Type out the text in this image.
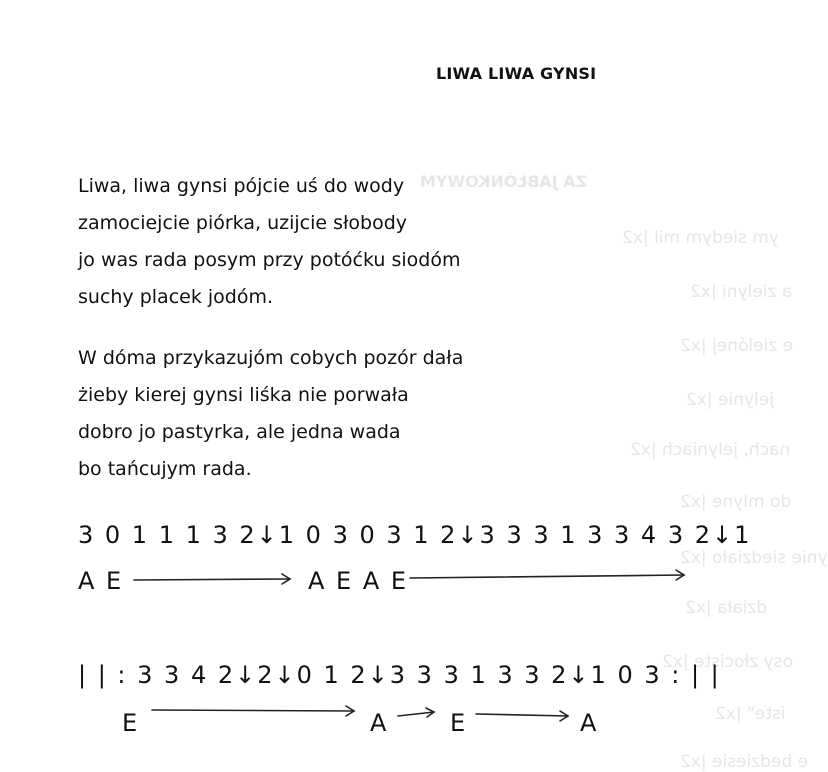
ZA JABŁÓNKOWYM
ym siedym mil |x2
a zielyni |x2
e zielónej |x2
jelynie |x2
nach, jelyniach |x2
do mlyne |x2
ynie siedziało |x2
działa |x2
osy złociste |x2
iste" |x2
e bedziesie |x2
LIWA LIWA GYNSI
Liwa, liwa gynsi pójcie uś do wody
zamociejcie piórka, uzijcie słobody
jo was rada posym przy potóćku siodóm
suchy placek jodóm.
W dóma przykazujóm cobych pozór dała
żieby kierej gynsi liśka nie porwała
dobro jo pastyrka, ale jedna wada
bo tańcujym rada.
3 0 1 1 1 3 2↓1 0 3 0 3 1 2↓3 3 3 1 3 3 4 3 2↓1
A E	A E A E
| | : 3 3 4 2↓2↓0 1 2↓3 3 3 1 3 3 2↓1 0 3 : | |
E	A	E	A
